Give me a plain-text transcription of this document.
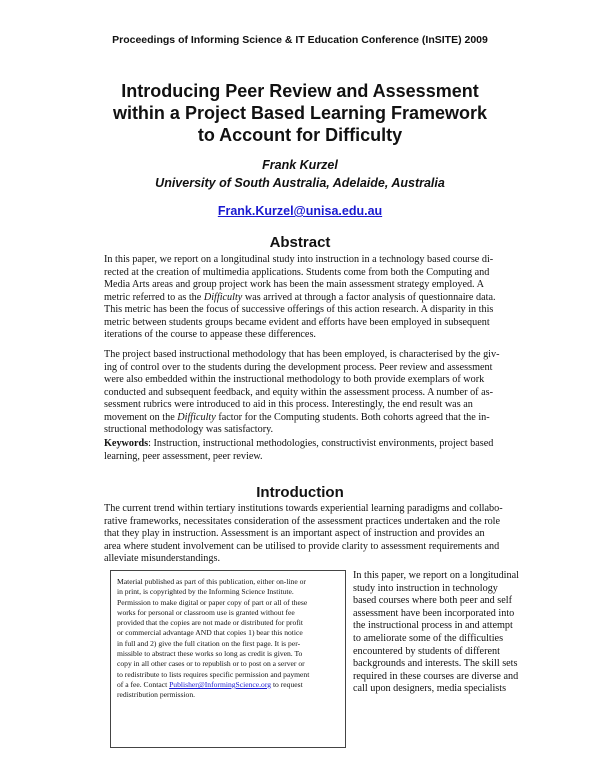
Proceedings of Informing Science & IT Education Conference (InSITE) 2009
Introducing Peer Review and Assessment
within a Project Based Learning Framework
to Account for Difficulty
Frank Kurzel
University of South Australia, Adelaide, Australia
Frank.Kurzel@unisa.edu.au
Abstract
In this paper, we report on a longitudinal study into instruction in a technology based course di-
rected at the creation of multimedia applications. Students come from both the Computing and
Media Arts areas and group project work has been the main assessment strategy employed. A
metric referred to as the Difficulty was arrived at through a factor analysis of questionnaire data.
This metric has been the focus of successive offerings of this action research. A disparity in this
metric between students groups became evident and efforts have been employed in subsequent
iterations of the course to appease these differences.
The project based instructional methodology that has been employed, is characterised by the giv-
ing of control over to the students during the development process. Peer review and assessment
were also embedded within the instructional methodology to both provide exemplars of work
conducted and subsequent feedback, and equity within the assessment process. A number of as-
sessment rubrics were introduced to aid in this process. Interestingly, the end result was an
movement on the Difficulty factor for the Computing students. Both cohorts agreed that the in-
structional methodology was satisfactory.
Keywords: Instruction, instructional methodologies, constructivist environments, project based
learning, peer assessment, peer review.
Introduction
The current trend within tertiary institutions towards experiential learning paradigms and collabo-
rative frameworks, necessitates consideration of the assessment practices undertaken and the role
that they play in instruction. Assessment is an important aspect of instruction and provides an
area where student involvement can be utilised to provide clarity to assessment requirements and
alleviate misunderstandings.
Material published as part of this publication, either on-line or
in print, is copyrighted by the Informing Science Institute.
Permission to make digital or paper copy of part or all of these
works for personal or classroom use is granted without fee
provided that the copies are not made or distributed for profit
or commercial advantage AND that copies 1) bear this notice
in full and 2) give the full citation on the first page. It is per-
missible to abstract these works so long as credit is given. To
copy in all other cases or to republish or to post on a server or
to redistribute to lists requires specific permission and payment
of a fee. Contact Publisher@InformingScience.org to request
redistribution permission.
In this paper, we report on a longitudinal
study into instruction in technology
based courses where both peer and self
assessment have been incorporated into
the instructional process in and attempt
to ameliorate some of the difficulties
encountered by students of different
backgrounds and interests. The skill sets
required in these courses are diverse and
call upon designers, media specialists
